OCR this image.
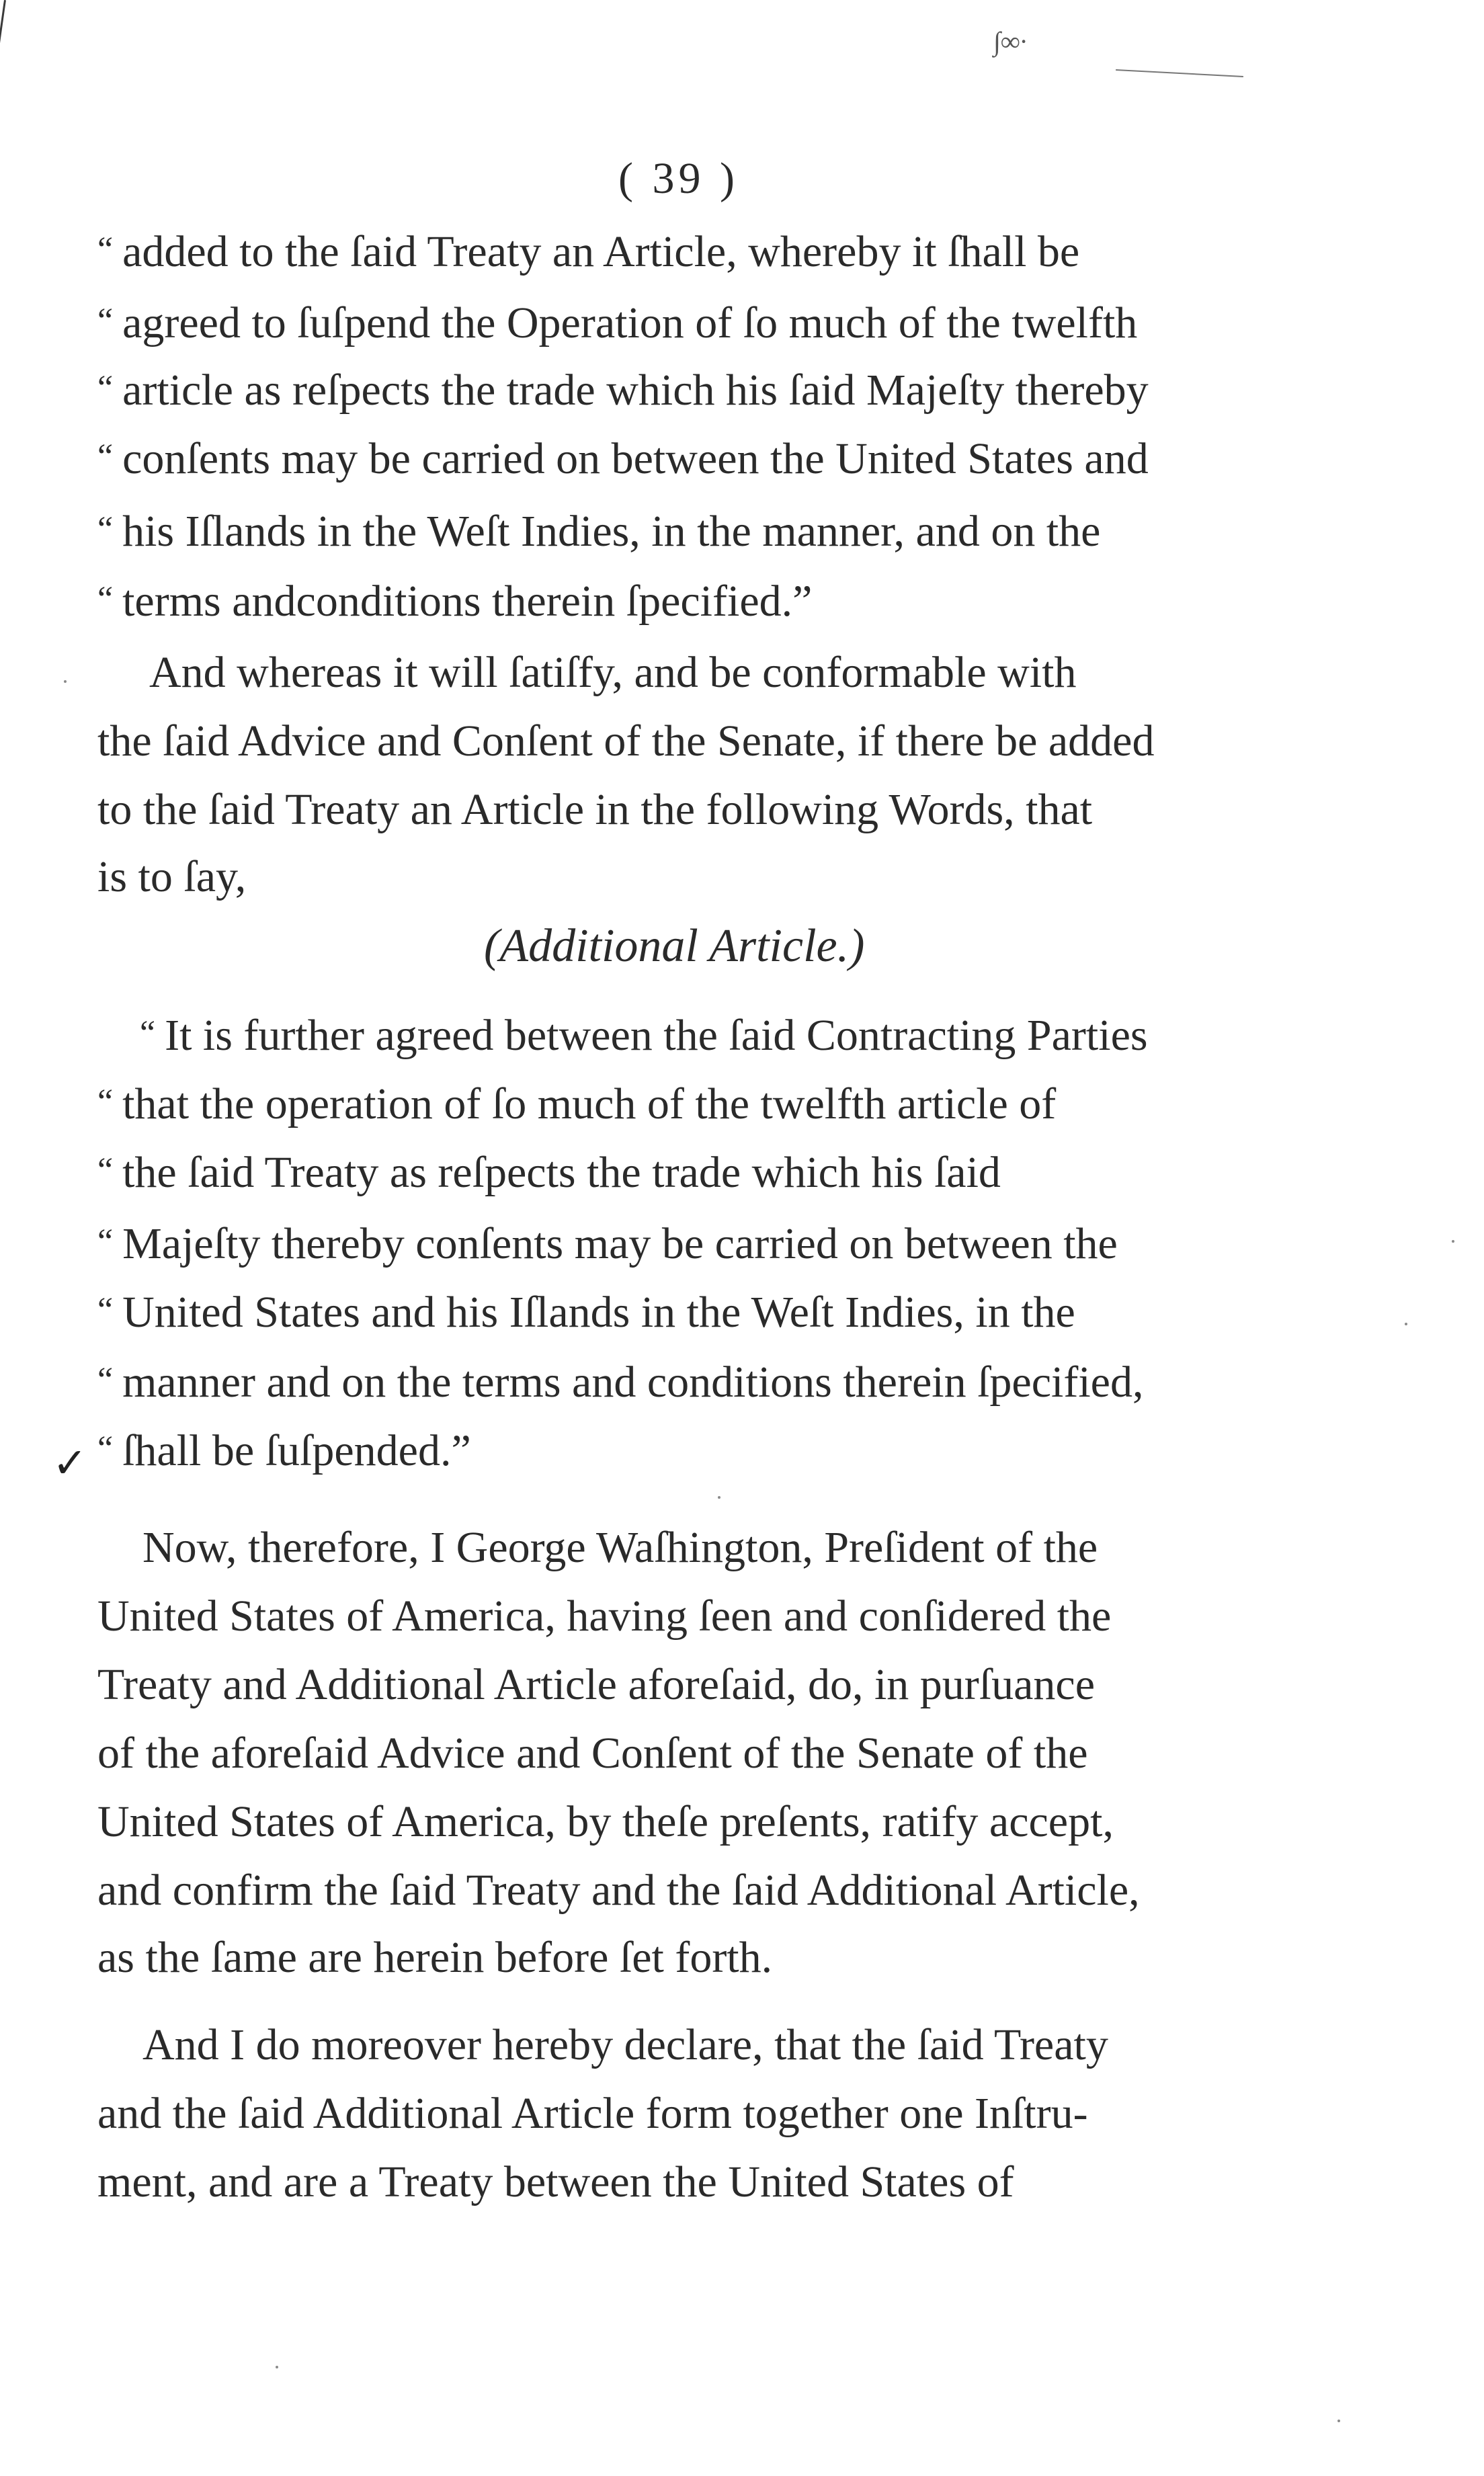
∫∞·
( 39 )
“ added to the ſaid Treaty an Article, whereby it ſhall be
“ agreed to ſuſpend the Operation of ſo much of the twelfth
“ article as reſpects the trade which his ſaid Majeſty thereby
“ conſents may be carried on between the United States and
“ his Iſlands in the Weſt Indies, in the manner, and on the
“ terms andconditions therein ſpecified.”
And whereas it will ſatiſfy, and be conformable with
the ſaid Advice and Conſent of the Senate, if there be added
to the ſaid Treaty an Article in the following Words, that
is to ſay,
(Additional Article.)
“ It is further agreed between the ſaid Contracting Parties
“ that the operation of ſo much of the twelfth article of
“ the ſaid Treaty as reſpects the trade which his ſaid
“ Majeſty thereby conſents may be carried on between the
“ United States and his Iſlands in the Weſt Indies, in the
“ manner and on the terms and conditions therein ſpecified,
“ ſhall be ſuſpended.”
✓
Now, therefore, I George Waſhington, Preſident of the
United States of America, having ſeen and conſidered the
Treaty and Additional Article aforeſaid, do, in purſuance
of the aforeſaid Advice and Conſent of the Senate of the
United States of America, by theſe preſents, ratify accept,
and confirm the ſaid Treaty and the ſaid Additional Article,
as the ſame are herein before ſet forth.
And I do moreover hereby declare, that the ſaid Treaty
and the ſaid Additional Article form together one Inſtru-
ment, and are a Treaty between the United States of
